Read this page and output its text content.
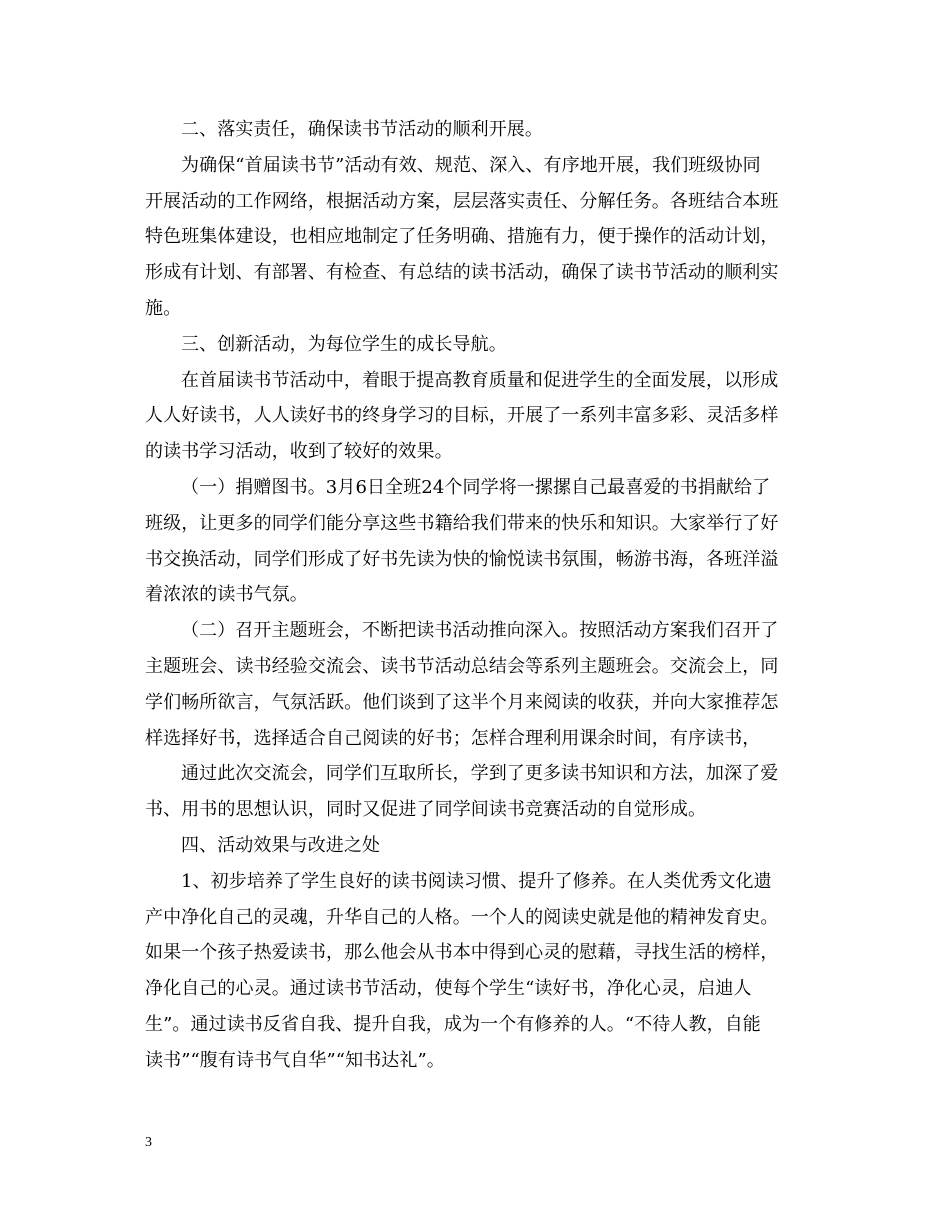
二、落实责任，确保读书节活动的顺利开展。
为确保“首届读书节”活动有效、规范、深入、有序地开展，我们班级协同
开展活动的工作网络，根据活动方案，层层落实责任、分解任务。各班结合本班
特色班集体建设，也相应地制定了任务明确、措施有力，便于操作的活动计划，
形成有计划、有部署、有检查、有总结的读书活动，确保了读书节活动的顺利实
施。
三、创新活动，为每位学生的成长导航。
在首届读书节活动中，着眼于提高教育质量和促进学生的全面发展，以形成
人人好读书，人人读好书的终身学习的目标，开展了一系列丰富多彩、灵活多样
的读书学习活动，收到了较好的效果。
（一）捐赠图书。3月6日全班24个同学将一摞摞自己最喜爱的书捐献给了
班级，让更多的同学们能分享这些书籍给我们带来的快乐和知识。大家举行了好
书交换活动，同学们形成了好书先读为快的愉悦读书氛围，畅游书海，各班洋溢
着浓浓的读书气氛。
（二）召开主题班会，不断把读书活动推向深入。按照活动方案我们召开了
主题班会、读书经验交流会、读书节活动总结会等系列主题班会。交流会上，同
学们畅所欲言，气氛活跃。他们谈到了这半个月来阅读的收获，并向大家推荐怎
样选择好书，选择适合自己阅读的好书；怎样合理利用课余时间，有序读书，
通过此次交流会，同学们互取所长，学到了更多读书知识和方法，加深了爱
书、用书的思想认识，同时又促进了同学间读书竞赛活动的自觉形成。
四、活动效果与改进之处
1、初步培养了学生良好的读书阅读习惯、提升了修养。在人类优秀文化遗
产中净化自己的灵魂，升华自己的人格。一个人的阅读史就是他的精神发育史。
如果一个孩子热爱读书，那么他会从书本中得到心灵的慰藉，寻找生活的榜样，
净化自己的心灵。通过读书节活动，使每个学生“读好书，净化心灵，启迪人
生”。通过读书反省自我、提升自我，成为一个有修养的人。“不待人教，自能
读书”“腹有诗书气自华”“知书达礼”。
3
